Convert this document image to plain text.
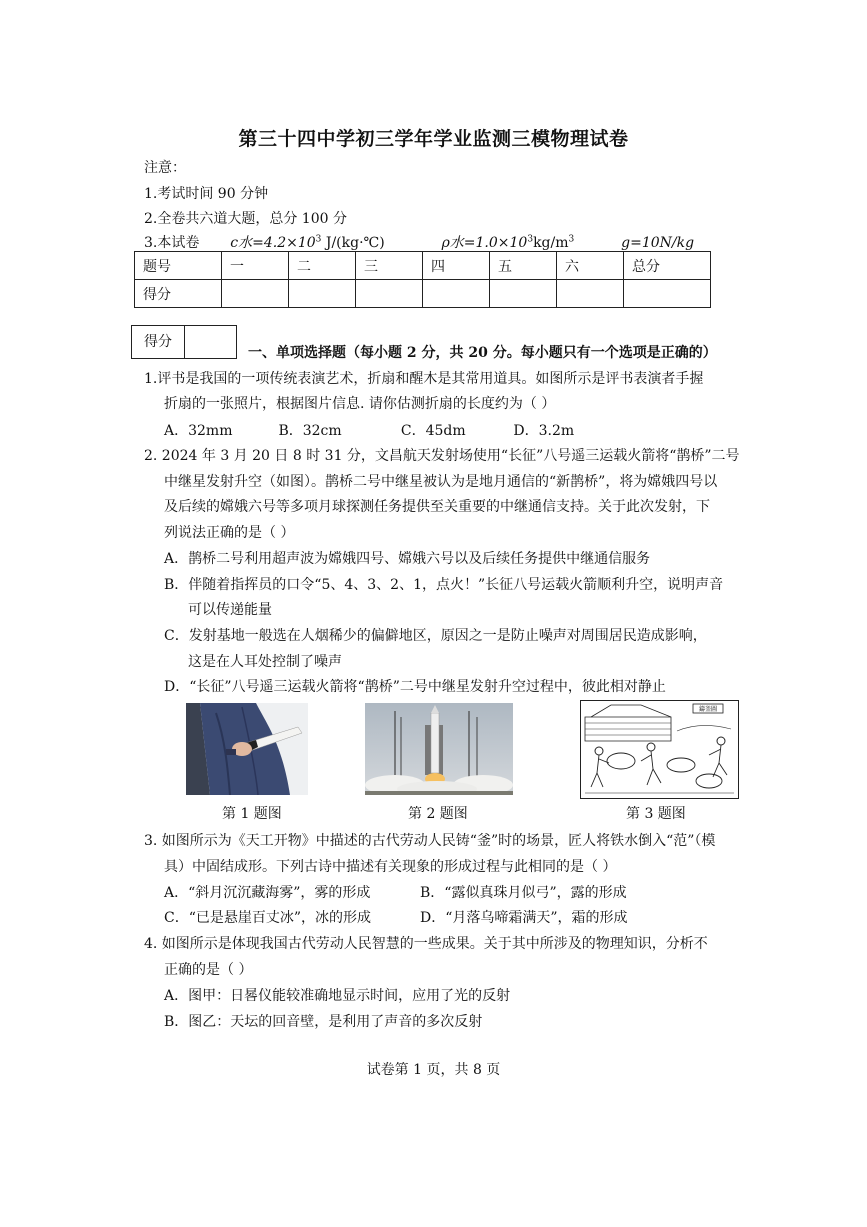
第三十四中学初三学年学业监测三模物理试卷
注意：
1.考试时间 90 分钟
2.全卷共六道大题，总分 100 分
3.本试卷 c水$=4.2\times 10^3$ J/(kg·℃)	ρ水$=1.0\times 10^3kg/m^3$	g=10N/kg
题号	一	二	三	四	五	六	总分
得分							
得分
一、单项选择题（每小题 2 分，共 20 分。每小题只有一个选项是正确的）
1.评书是我国的一项传统表演艺术，折扇和醒木是其常用道具。如图所示是评书表演者手握
折扇的一张照片，根据图片信息. 请你估测折扇的长度约为（ ）
A．32mm	B．32cm	C．45dm	D．3.2m
2. 2024 年 3 月 20 日 8 时 31 分，文昌航天发射场使用“长征”八号遥三运载火箭将“鹊桥”二号
中继星发射升空（如图）。鹊桥二号中继星被认为是地月通信的“新鹊桥”，将为嫦娥四号以
及后续的嫦娥六号等多项月球探测任务提供至关重要的中继通信支持。关于此次发射，下
列说法正确的是（ ）
A．鹊桥二号利用超声波为嫦娥四号、嫦娥六号以及后续任务提供中继通信服务
B．伴随着指挥员的口令“5、4、3、2、1，点火！”长征八号运载火箭顺利升空，说明声音
可以传递能量
C．发射基地一般选在人烟稀少的偏僻地区，原因之一是防止噪声对周围居民造成影响，
这是在人耳处控制了噪声
D．“长征”八号遥三运载火箭将“鹊桥”二号中继星发射升空过程中，彼此相对静止
鑄釜圖
第 1 题图	第 2 题图	第 3 题图
3. 如图所示为《天工开物》中描述的古代劳动人民铸“釜”时的场景，匠人将铁水倒入“范”（模
具）中固结成形。下列古诗中描述有关现象的形成过程与此相同的是（ ）
A．“斜月沉沉藏海雾”，雾的形成	B．“露似真珠月似弓”，露的形成
C．“已是悬崖百丈冰”，冰的形成	D．“月落乌啼霜满天”，霜的形成
4. 如图所示是体现我国古代劳动人民智慧的一些成果。关于其中所涉及的物理知识，分析不
正确的是（ ）
A．图甲：日晷仪能较准确地显示时间，应用了光的反射
B．图乙：天坛的回音壁，是利用了声音的多次反射
试卷第 1 页，共 8 页
